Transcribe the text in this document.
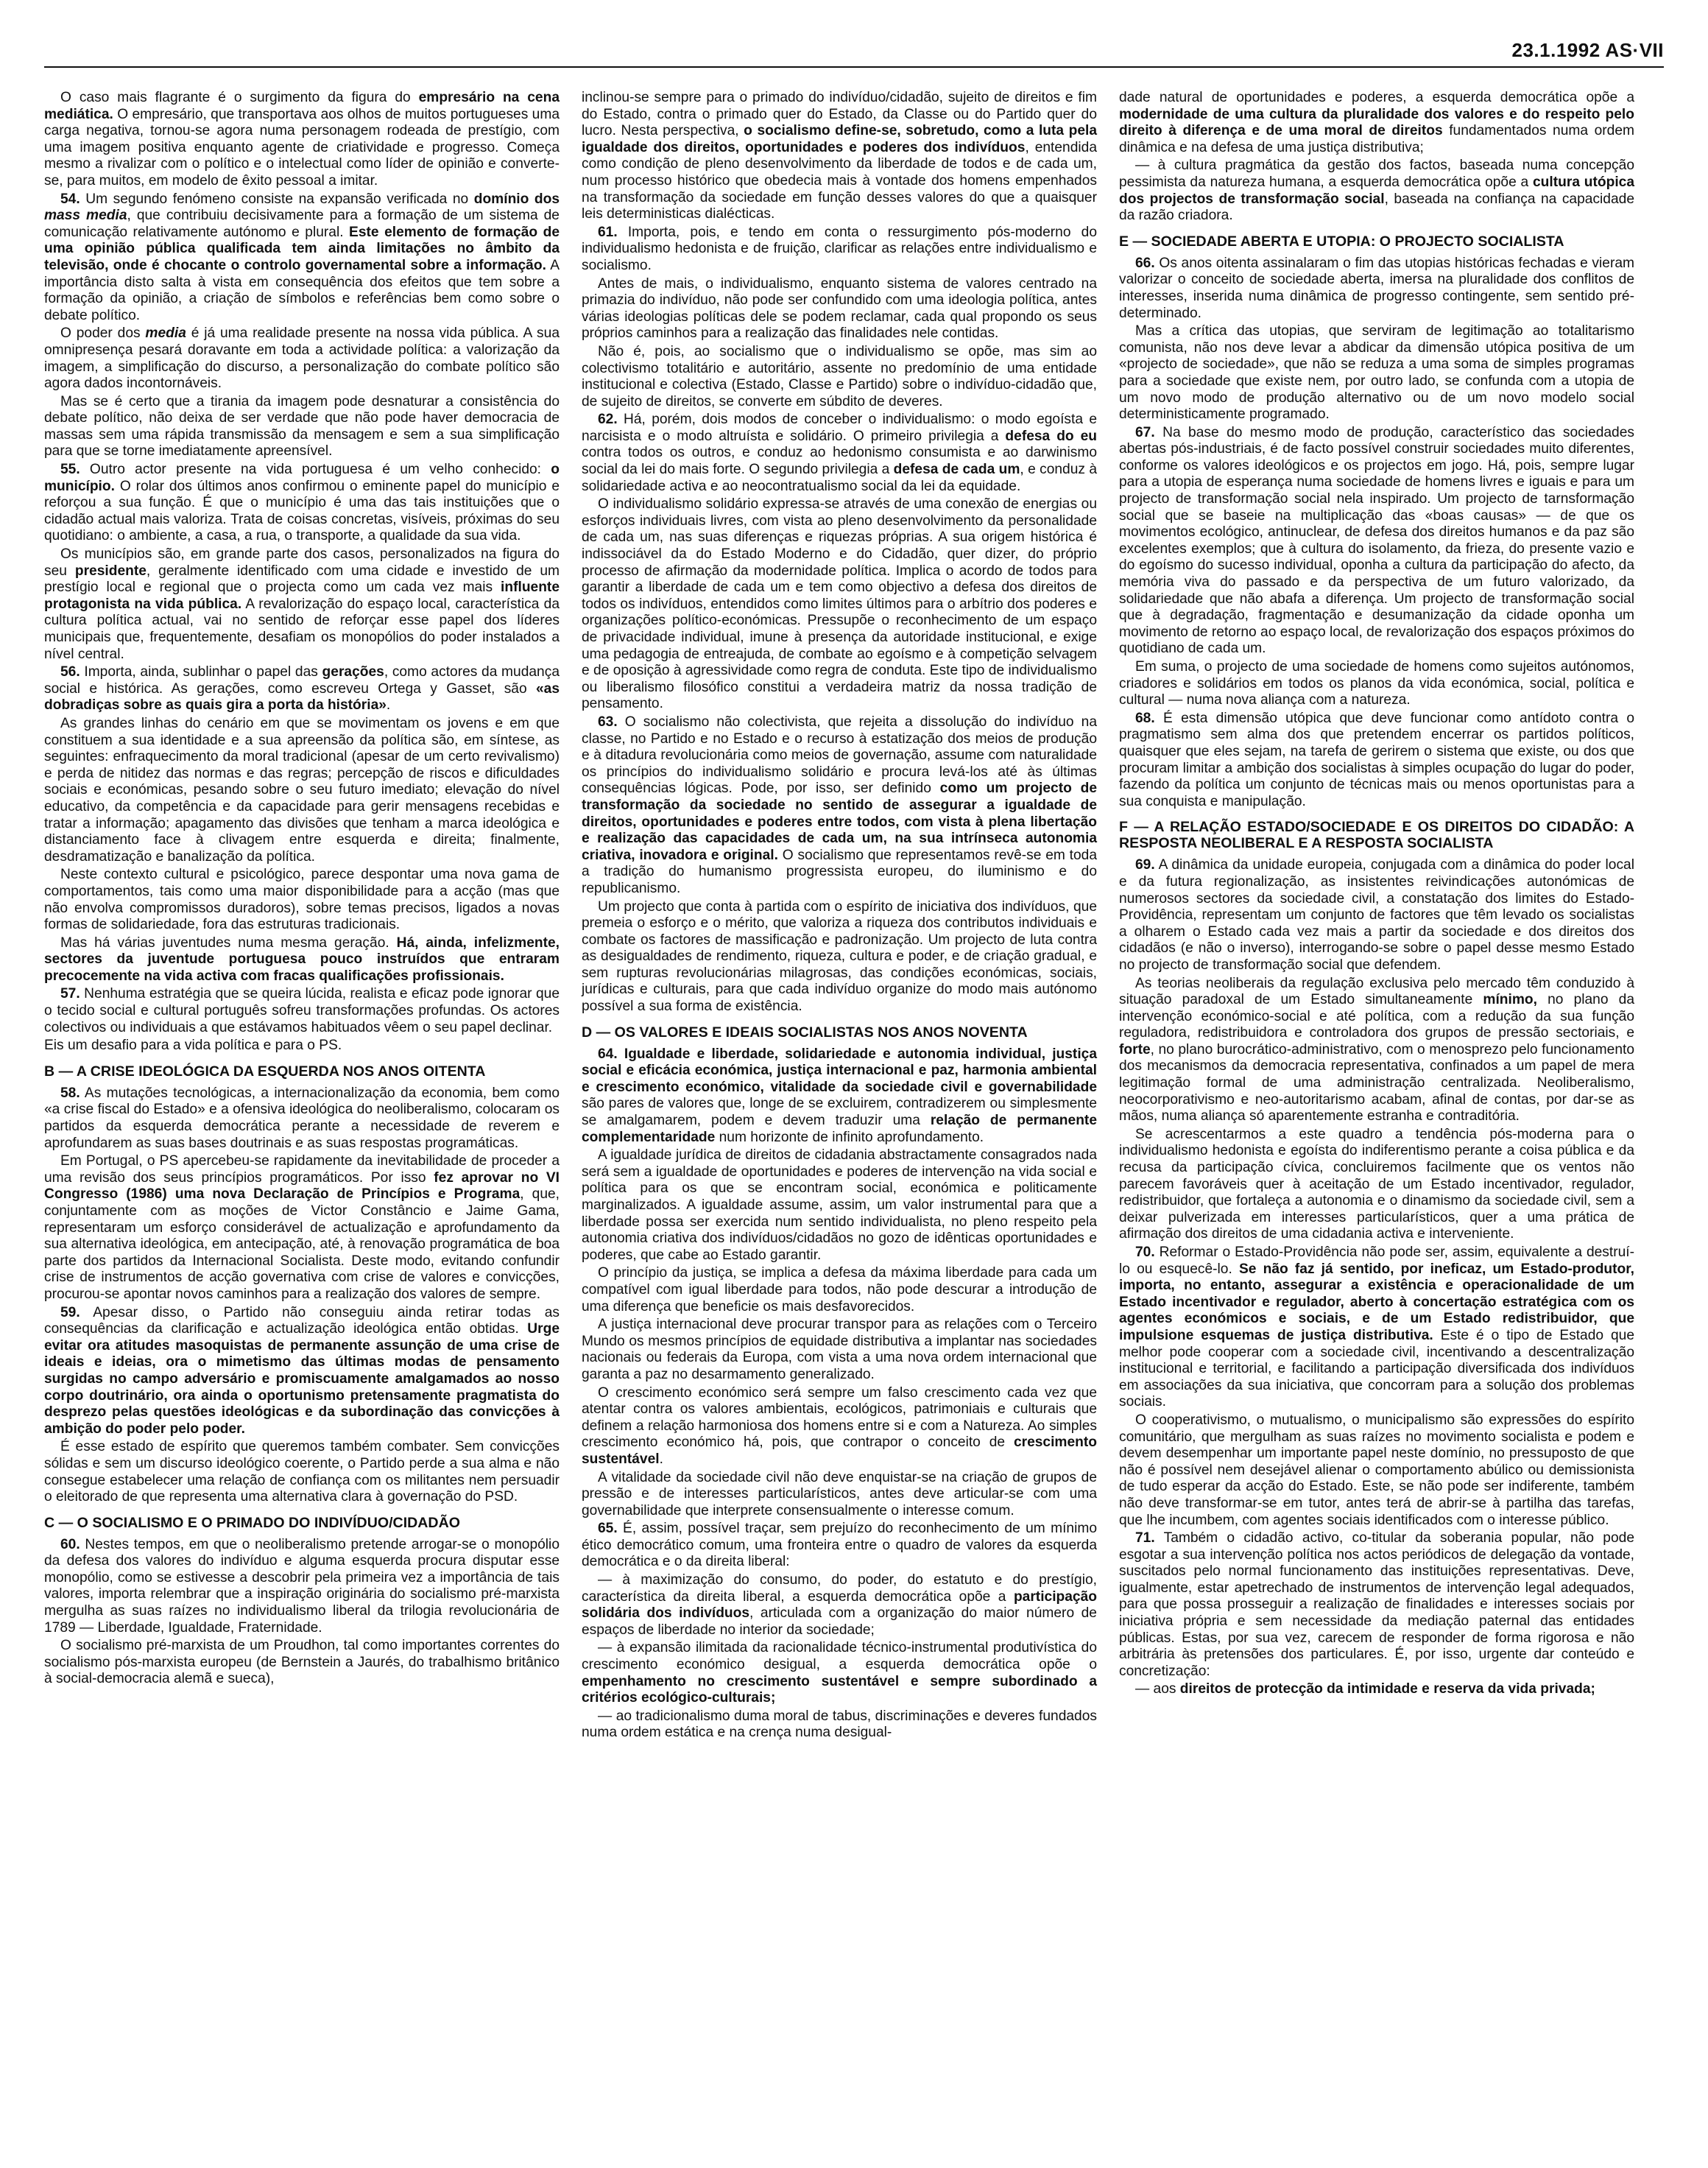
23.1.1992 AS·VII

O caso mais flagrante é o surgimento da figura do empresário na cena mediática. O empresário, que transportava aos olhos de muitos portugueses uma carga negativa, tornou-se agora numa personagem rodeada de prestígio, com uma imagem positiva enquanto agente de criatividade e progresso. Começa mesmo a rivalizar com o político e o intelectual como líder de opinião e converte-se, para muitos, em modelo de êxito pessoal a imitar.

54. Um segundo fenómeno consiste na expansão verificada no domínio dos mass media, que contribuiu decisivamente para a formação de um sistema de comunicação relativamente autónomo e plural. Este elemento de formação de uma opinião pública qualificada tem ainda limitações no âmbito da televisão, onde é chocante o controlo governamental sobre a informação. A importância disto salta à vista em consequência dos efeitos que tem sobre a formação da opinião, a criação de símbolos e referências bem como sobre o debate político.

O poder dos media é já uma realidade presente na nossa vida pública. A sua omnipresença pesará doravante em toda a actividade política: a valorização da imagem, a simplificação do discurso, a personalização do combate político são agora dados incontornáveis.

Mas se é certo que a tirania da imagem pode desnaturar a consistência do debate político, não deixa de ser verdade que não pode haver democracia de massas sem uma rápida transmissão da mensagem e sem a sua simplificação para que se torne imediatamente apreensível.

55. Outro actor presente na vida portuguesa é um velho conhecido: o município. O rolar dos últimos anos confirmou o eminente papel do município e reforçou a sua função. É que o município é uma das tais instituições que o cidadão actual mais valoriza. Trata de coisas concretas, visíveis, próximas do seu quotidiano: o ambiente, a casa, a rua, o transporte, a qualidade da sua vida.

Os municípios são, em grande parte dos casos, personalizados na figura do seu presidente, geralmente identificado com uma cidade e investido de um prestígio local e regional que o projecta como um cada vez mais influente protagonista na vida pública. A revalorização do espaço local, característica da cultura política actual, vai no sentido de reforçar esse papel dos líderes municipais que, frequentemente, desafiam os monopólios do poder instalados a nível central.

56. Importa, ainda, sublinhar o papel das gerações, como actores da mudança social e histórica. As gerações, como escreveu Ortega y Gasset, são «as dobradiças sobre as quais gira a porta da história».

As grandes linhas do cenário em que se movimentam os jovens e em que constituem a sua identidade e a sua apreensão da política são, em síntese, as seguintes: enfraquecimento da moral tradicional (apesar de um certo revivalismo) e perda de nitidez das normas e das regras; percepção de riscos e dificuldades sociais e económicas, pesando sobre o seu futuro imediato; elevação do nível educativo, da competência e da capacidade para gerir mensagens recebidas e tratar a informação; apagamento das divisões que tenham a marca ideológica e distanciamento face à clivagem entre esquerda e direita; finalmente, desdramatização e banalização da política.

Neste contexto cultural e psicológico, parece despontar uma nova gama de comportamentos, tais como uma maior disponibilidade para a acção (mas que não envolva compromissos duradoros), sobre temas precisos, ligados a novas formas de solidariedade, fora das estruturas tradicionais.

Mas há várias juventudes numa mesma geração. Há, ainda, infelizmente, sectores da juventude portuguesa pouco instruídos que entraram precocemente na vida activa com fracas qualificações profissionais.

57. Nenhuma estratégia que se queira lúcida, realista e eficaz pode ignorar que o tecido social e cultural português sofreu transformações profundas. Os actores colectivos ou individuais a que estávamos habituados vêem o seu papel declinar.

Eis um desafio para a vida política e para o PS.

B — A CRISE IDEOLÓGICA DA ESQUERDA NOS ANOS OITENTA

58. As mutações tecnológicas, a internacionalização da economia, bem como «a crise fiscal do Estado» e a ofensiva ideológica do neoliberalismo, colocaram os partidos da esquerda democrática perante a necessidade de reverem e aprofundarem as suas bases doutrinais e as suas respostas programáticas.

Em Portugal, o PS apercebeu-se rapidamente da inevitabilidade de proceder a uma revisão dos seus princípios programáticos. Por isso fez aprovar no VI Congresso (1986) uma nova Declaração de Princípios e Programa, que, conjuntamente com as moções de Victor Constâncio e Jaime Gama, representaram um esforço considerável de actualização e aprofundamento da sua alternativa ideológica, em antecipação, até, à renovação programática de boa parte dos partidos da Internacional Socialista. Deste modo, evitando confundir crise de instrumentos de acção governativa com crise de valores e convicções, procurou-se apontar novos caminhos para a realização dos valores de sempre.

59. Apesar disso, o Partido não conseguiu ainda retirar todas as consequências da clarificação e actualização ideológica então obtidas. Urge evitar ora atitudes masoquistas de permanente assunção de uma crise de ideais e ideias, ora o mimetismo das últimas modas de pensamento surgidas no campo adversário e promiscuamente amalgamados ao nosso corpo doutrinário, ora ainda o oportunismo pretensamente pragmatista do desprezo pelas questões ideológicas e da subordinação das convicções à ambição do poder pelo poder.

É esse estado de espírito que queremos também combater. Sem convicções sólidas e sem um discurso ideológico coerente, o Partido perde a sua alma e não consegue estabelecer uma relação de confiança com os militantes nem persuadir o eleitorado de que representa uma alternativa clara à governação do PSD.

C — O SOCIALISMO E O PRIMADO DO INDIVÍDUO/CIDADÃO

60. Nestes tempos, em que o neoliberalismo pretende arrogar-se o monopólio da defesa dos valores do indivíduo e alguma esquerda procura disputar esse monopólio, como se estivesse a descobrir pela primeira vez a importância de tais valores, importa relembrar que a inspiração originária do socialismo pré-marxista mergulha as suas raízes no individualismo liberal da trilogia revolucionária de 1789 — Liberdade, Igualdade, Fraternidade.

O socialismo pré-marxista de um Proudhon, tal como importantes correntes do socialismo pós-marxista europeu (de Bernstein a Jaurés, do trabalhismo britânico à social-democracia alemã e sueca),

inclinou-se sempre para o primado do indivíduo/cidadão, sujeito de direitos e fim do Estado, contra o primado quer do Estado, da Classe ou do Partido quer do lucro. Nesta perspectiva, o socialismo define-se, sobretudo, como a luta pela igualdade dos direitos, oportunidades e poderes dos indivíduos, entendida como condição de pleno desenvolvimento da liberdade de todos e de cada um, num processo histórico que obedecia mais à vontade dos homens empenhados na transformação da sociedade em função desses valores do que a quaisquer leis deterministicas dialécticas.

61. Importa, pois, e tendo em conta o ressurgimento pós-moderno do individualismo hedonista e de fruição, clarificar as relações entre individualismo e socialismo.

Antes de mais, o individualismo, enquanto sistema de valores centrado na primazia do indivíduo, não pode ser confundido com uma ideologia política, antes várias ideologias políticas dele se podem reclamar, cada qual propondo os seus próprios caminhos para a realização das finalidades nele contidas.

Não é, pois, ao socialismo que o individualismo se opõe, mas sim ao colectivismo totalitário e autoritário, assente no predomínio de uma entidade institucional e colectiva (Estado, Classe e Partido) sobre o indivíduo-cidadão que, de sujeito de direitos, se converte em súbdito de deveres.

62. Há, porém, dois modos de conceber o individualismo: o modo egoísta e narcisista e o modo altruísta e solidário. O primeiro privilegia a defesa do eu contra todos os outros, e conduz ao hedonismo consumista e ao darwinismo social da lei do mais forte. O segundo privilegia a defesa de cada um, e conduz à solidariedade activa e ao neocontratualismo social da lei da equidade.

O individualismo solidário expressa-se através de uma conexão de energias ou esforços individuais livres, com vista ao pleno desenvolvimento da personalidade de cada um, nas suas diferenças e riquezas próprias. A sua origem histórica é indissociável da do Estado Moderno e do Cidadão, quer dizer, do próprio processo de afirmação da modernidade política. Implica o acordo de todos para garantir a liberdade de cada um e tem como objectivo a defesa dos direitos de todos os indivíduos, entendidos como limites últimos para o arbítrio dos poderes e organizações político-económicas. Pressupõe o reconhecimento de um espaço de privacidade individual, imune à presença da autoridade institucional, e exige uma pedagogia de entreajuda, de combate ao egoísmo e à competição selvagem e de oposição à agressividade como regra de conduta. Este tipo de individualismo ou liberalismo filosófico constitui a verdadeira matriz da nossa tradição de pensamento.

63. O socialismo não colectivista, que rejeita a dissolução do indivíduo na classe, no Partido e no Estado e o recurso à estatização dos meios de produção e à ditadura revolucionária como meios de governação, assume com naturalidade os princípios do individualismo solidário e procura levá-los até às últimas consequências lógicas. Pode, por isso, ser definido como um projecto de transformação da sociedade no sentido de assegurar a igualdade de direitos, oportunidades e poderes entre todos, com vista à plena libertação e realização das capacidades de cada um, na sua intrínseca autonomia criativa, inovadora e original. O socialismo que representamos revê-se em toda a tradição do humanismo progressista europeu, do iluminismo e do republicanismo.

Um projecto que conta à partida com o espírito de iniciativa dos indivíduos, que premeia o esforço e o mérito, que valoriza a riqueza dos contributos individuais e combate os factores de massificação e padronização. Um projecto de luta contra as desigualdades de rendimento, riqueza, cultura e poder, e de criação gradual, e sem rupturas revolucionárias milagrosas, das condições económicas, sociais, jurídicas e culturais, para que cada indivíduo organize do modo mais autónomo possível a sua forma de existência.

D — OS VALORES E IDEAIS SOCIALISTAS NOS ANOS NOVENTA

64. Igualdade e liberdade, solidariedade e autonomia individual, justiça social e eficácia económica, justiça internacional e paz, harmonia ambiental e crescimento económico, vitalidade da sociedade civil e governabilidade são pares de valores que, longe de se excluirem, contradizerem ou simplesmente se amalgamarem, podem e devem traduzir uma relação de permanente complementaridade num horizonte de infinito aprofundamento.

A igualdade jurídica de direitos de cidadania abstractamente consagrados nada será sem a igualdade de oportunidades e poderes de intervenção na vida social e política para os que se encontram social, económica e politicamente marginalizados. A igualdade assume, assim, um valor instrumental para que a liberdade possa ser exercida num sentido individualista, no pleno respeito pela autonomia criativa dos indivíduos/cidadãos no gozo de idênticas oportunidades e poderes, que cabe ao Estado garantir.

O princípio da justiça, se implica a defesa da máxima liberdade para cada um compatível com igual liberdade para todos, não pode descurar a introdução de uma diferença que beneficie os mais desfavorecidos.

A justiça internacional deve procurar transpor para as relações com o Terceiro Mundo os mesmos princípios de equidade distributiva a implantar nas sociedades nacionais ou federais da Europa, com vista a uma nova ordem internacional que garanta a paz no desarmamento generalizado.

O crescimento económico será sempre um falso crescimento cada vez que atentar contra os valores ambientais, ecológicos, patrimoniais e culturais que definem a relação harmoniosa dos homens entre si e com a Natureza. Ao simples crescimento económico há, pois, que contrapor o conceito de crescimento sustentável.

A vitalidade da sociedade civil não deve enquistar-se na criação de grupos de pressão e de interesses particularísticos, antes deve articular-se com uma governabilidade que interprete consensualmente o interesse comum.

65. É, assim, possível traçar, sem prejuízo do reconhecimento de um mínimo ético democrático comum, uma fronteira entre o quadro de valores da esquerda democrática e o da direita liberal:

— à maximização do consumo, do poder, do estatuto e do prestígio, característica da direita liberal, a esquerda democrática opõe a participação solidária dos indivíduos, articulada com a organização do maior número de espaços de liberdade no interior da sociedade;

— à expansão ilimitada da racionalidade técnico-instrumental produtivística do crescimento económico desigual, a esquerda democrática opõe o empenhamento no crescimento sustentável e sempre subordinado a critérios ecológico-culturais;

— ao tradicionalismo duma moral de tabus, discriminações e deveres fundados numa ordem estática e na crença numa desigual-

dade natural de oportunidades e poderes, a esquerda democrática opõe a modernidade de uma cultura da pluralidade dos valores e do respeito pelo direito à diferença e de uma moral de direitos fundamentados numa ordem dinâmica e na defesa de uma justiça distributiva;

— à cultura pragmática da gestão dos factos, baseada numa concepção pessimista da natureza humana, a esquerda democrática opõe a cultura utópica dos projectos de transformação social, baseada na confiança na capacidade da razão criadora.

E — SOCIEDADE ABERTA E UTOPIA: O PROJECTO SOCIALISTA

66. Os anos oitenta assinalaram o fim das utopias históricas fechadas e vieram valorizar o conceito de sociedade aberta, imersa na pluralidade dos conflitos de interesses, inserida numa dinâmica de progresso contingente, sem sentido pré-determinado.

Mas a crítica das utopias, que serviram de legitimação ao totalitarismo comunista, não nos deve levar a abdicar da dimensão utópica positiva de um «projecto de sociedade», que não se reduza a uma soma de simples programas para a sociedade que existe nem, por outro lado, se confunda com a utopia de um novo modo de produção alternativo ou de um novo modelo social deterministicamente programado.

67. Na base do mesmo modo de produção, característico das sociedades abertas pós-industriais, é de facto possível construir sociedades muito diferentes, conforme os valores ideológicos e os projectos em jogo. Há, pois, sempre lugar para a utopia de esperança numa sociedade de homens livres e iguais e para um projecto de transformação social nela inspirado. Um projecto de tarnsformação social que se baseie na multiplicação das «boas causas» — de que os movimentos ecológico, antinuclear, de defesa dos direitos humanos e da paz são excelentes exemplos; que à cultura do isolamento, da frieza, do presente vazio e do egoísmo do sucesso individual, oponha a cultura da participação do afecto, da memória viva do passado e da perspectiva de um futuro valorizado, da solidariedade que não abafa a diferença. Um projecto de transformação social que à degradação, fragmentação e desumanização da cidade oponha um movimento de retorno ao espaço local, de revalorização dos espaços próximos do quotidiano de cada um.

Em suma, o projecto de uma sociedade de homens como sujeitos autónomos, criadores e solidários em todos os planos da vida económica, social, política e cultural — numa nova aliança com a natureza.

68. É esta dimensão utópica que deve funcionar como antídoto contra o pragmatismo sem alma dos que pretendem encerrar os partidos políticos, quaisquer que eles sejam, na tarefa de gerirem o sistema que existe, ou dos que procuram limitar a ambição dos socialistas à simples ocupação do lugar do poder, fazendo da política um conjunto de técnicas mais ou menos oportunistas para a sua conquista e manipulação.

F — A RELAÇÃO ESTADO/SOCIEDADE E OS DIREITOS DO CIDADÃO: A RESPOSTA NEOLIBERAL E A RESPOSTA SOCIALISTA

69. A dinâmica da unidade europeia, conjugada com a dinâmica do poder local e da futura regionalização, as insistentes reivindicações autonómicas de numerosos sectores da sociedade civil, a constatação dos limites do Estado-Providência, representam um conjunto de factores que têm levado os socialistas a olharem o Estado cada vez mais a partir da sociedade e dos direitos dos cidadãos (e não o inverso), interrogando-se sobre o papel desse mesmo Estado no projecto de transformação social que defendem.

As teorias neoliberais da regulação exclusiva pelo mercado têm conduzido à situação paradoxal de um Estado simultaneamente mínimo, no plano da intervenção económico-social e até política, com a redução da sua função reguladora, redistribuidora e controladora dos grupos de pressão sectoriais, e forte, no plano burocrático-administrativo, com o menosprezo pelo funcionamento dos mecanismos da democracia representativa, confinados a um papel de mera legitimação formal de uma administração centralizada. Neoliberalismo, neocorporativismo e neo-autoritarismo acabam, afinal de contas, por dar-se as mãos, numa aliança só aparentemente estranha e contraditória.

Se acrescentarmos a este quadro a tendência pós-moderna para o individualismo hedonista e egoísta do indiferentismo perante a coisa pública e da recusa da participação cívica, concluiremos facilmente que os ventos não parecem favoráveis quer à aceitação de um Estado incentivador, regulador, redistribuidor, que fortaleça a autonomia e o dinamismo da sociedade civil, sem a deixar pulverizada em interesses particularísticos, quer a uma prática de afirmação dos direitos de uma cidadania activa e interveniente.

70. Reformar o Estado-Providência não pode ser, assim, equivalente a destruí-lo ou esquecê-lo. Se não faz já sentido, por ineficaz, um Estado-produtor, importa, no entanto, assegurar a existência e operacionalidade de um Estado incentivador e regulador, aberto à concertação estratégica com os agentes económicos e sociais, e de um Estado redistribuidor, que impulsione esquemas de justiça distributiva. Este é o tipo de Estado que melhor pode cooperar com a sociedade civil, incentivando a descentralização institucional e territorial, e facilitando a participação diversificada dos indivíduos em associações da sua iniciativa, que concorram para a solução dos problemas sociais.

O cooperativismo, o mutualismo, o municipalismo são expressões do espírito comunitário, que mergulham as suas raízes no movimento socialista e podem e devem desempenhar um importante papel neste domínio, no pressuposto de que não é possível nem desejável alienar o comportamento abúlico ou demissionista de tudo esperar da acção do Estado. Este, se não pode ser indiferente, também não deve transformar-se em tutor, antes terá de abrir-se à partilha das tarefas, que lhe incumbem, com agentes sociais identificados com o interesse público.

71. Também o cidadão activo, co-titular da soberania popular, não pode esgotar a sua intervenção política nos actos periódicos de delegação da vontade, suscitados pelo normal funcionamento das instituições representativas. Deve, igualmente, estar apetrechado de instrumentos de intervenção legal adequados, para que possa prosseguir a realização de finalidades e interesses sociais por iniciativa própria e sem necessidade da mediação paternal das entidades públicas. Estas, por sua vez, carecem de responder de forma rigorosa e não arbitrária às pretensões dos particulares. É, por isso, urgente dar conteúdo e concretização:

— aos direitos de protecção da intimidade e reserva da vida privada;
